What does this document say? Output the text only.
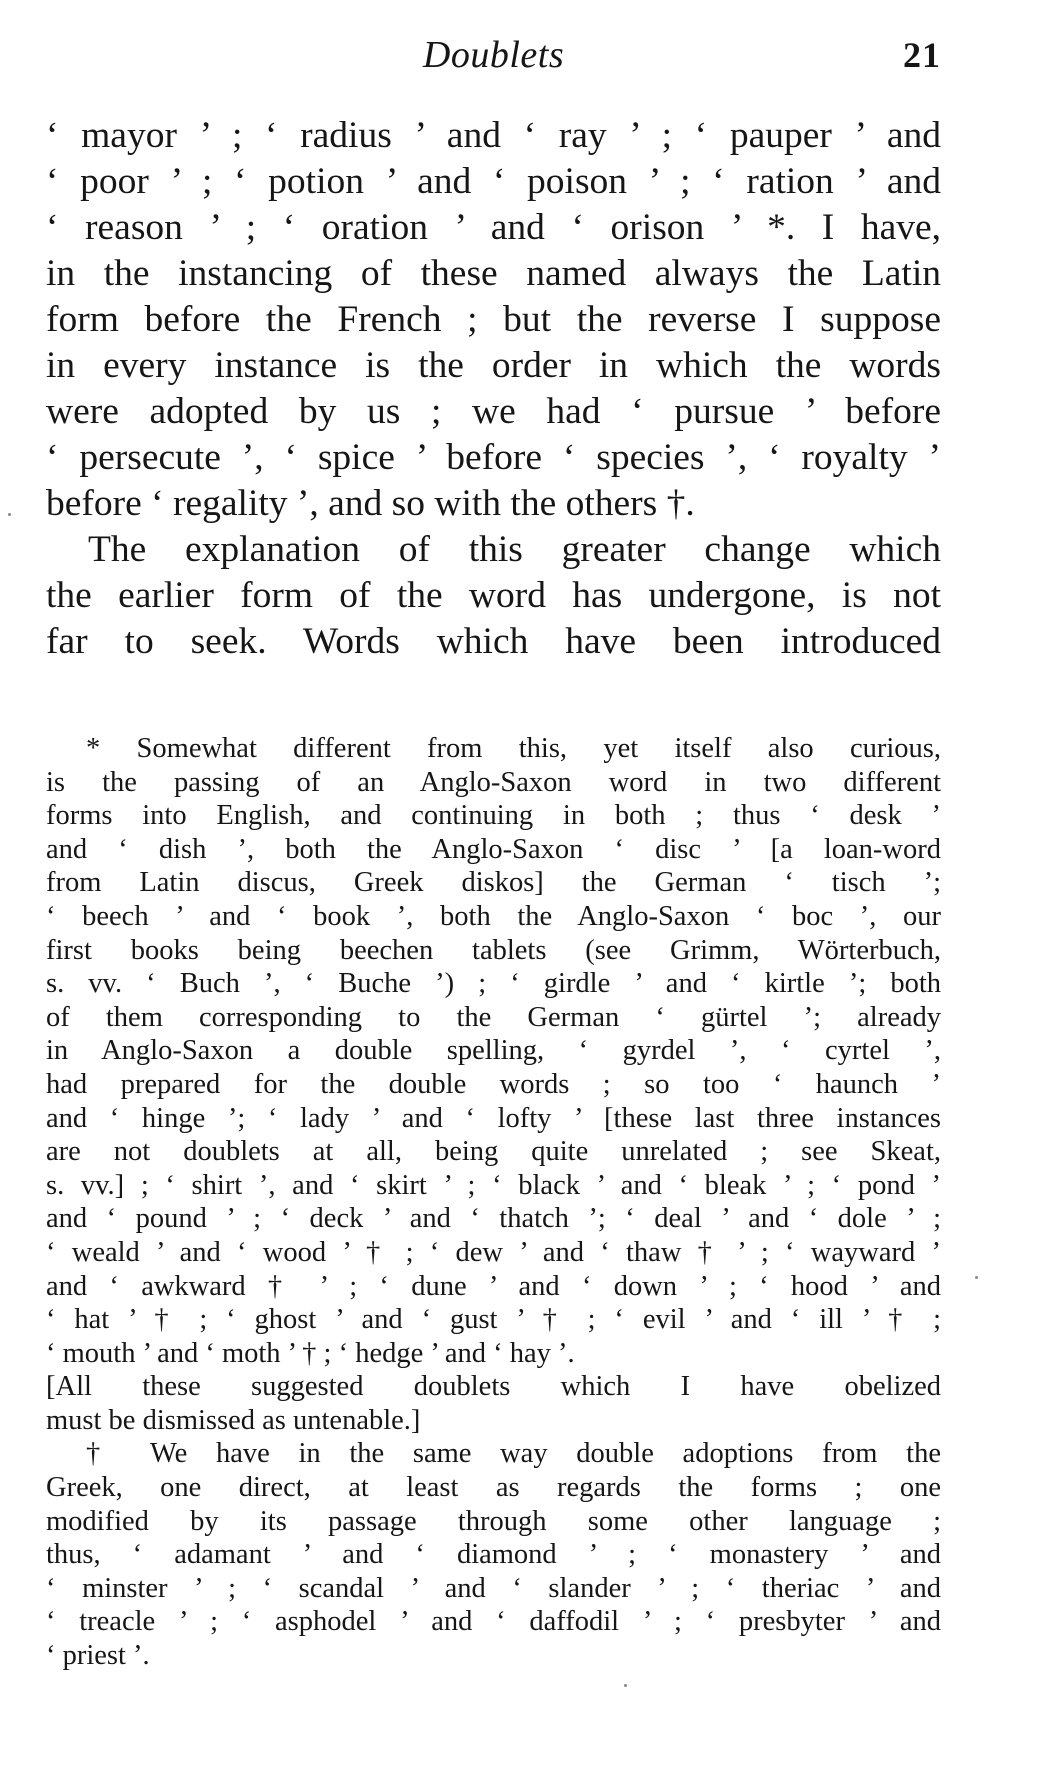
Doublets	21
‘ mayor ’ ; ‘ radius ’ and ‘ ray ’ ; ‘ pauper ’ and
‘ poor ’ ; ‘ potion ’ and ‘ poison ’ ; ‘ ration ’ and
‘ reason ’ ; ‘ oration ’ and ‘ orison ’ *. I have,
in the instancing of these named always the Latin
form before the French ; but the reverse I suppose
in every instance is the order in which the words
were adopted by us ; we had ‘ pursue ’ before
‘ persecute ’, ‘ spice ’ before ‘ species ’, ‘ royalty ’
before ‘ regality ’, and so with the others †.
The explanation of this greater change which
the earlier form of the word has undergone, is not
far to seek. Words which have been introduced
* Somewhat different from this, yet itself also curious,
is the passing of an Anglo-Saxon word in two different
forms into English, and continuing in both ; thus ‘ desk ’
and ‘ dish ’, both the Anglo-Saxon ‘ disc ’ [a loan-word
from Latin discus, Greek diskos] the German ‘ tisch ’;
‘ beech ’ and ‘ book ’, both the Anglo-Saxon ‘ boc ’, our
first books being beechen tablets (see Grimm, Wörterbuch,
s. vv. ‘ Buch ’, ‘ Buche ’) ; ‘ girdle ’ and ‘ kirtle ’; both
of them corresponding to the German ‘ gürtel ’; already
in Anglo-Saxon a double spelling, ‘ gyrdel ’, ‘ cyrtel ’,
had prepared for the double words ; so too ‘ haunch ’
and ‘ hinge ’; ‘ lady ’ and ‘ lofty ’ [these last three instances
are not doublets at all, being quite unrelated ; see Skeat,
s. vv.] ; ‘ shirt ’, and ‘ skirt ’ ; ‘ black ’ and ‘ bleak ’ ; ‘ pond ’
and ‘ pound ’ ; ‘ deck ’ and ‘ thatch ’; ‘ deal ’ and ‘ dole ’ ;
‘ weald ’ and ‘ wood ’ † ; ‘ dew ’ and ‘ thaw † ’ ; ‘ wayward ’
and ‘ awkward † ’ ; ‘ dune ’ and ‘ down ’ ; ‘ hood ’ and
‘ hat ’ † ; ‘ ghost ’ and ‘ gust ’ † ; ‘ evil ’ and ‘ ill ’ † ;
‘ mouth ’ and ‘ moth ’ † ; ‘ hedge ’ and ‘ hay ’.
[All these suggested doublets which I have obelized
must be dismissed as untenable.]
† We have in the same way double adoptions from the
Greek, one direct, at least as regards the forms ; one
modified by its passage through some other language ;
thus, ‘ adamant ’ and ‘ diamond ’ ; ‘ monastery ’ and
‘ minster ’ ; ‘ scandal ’ and ‘ slander ’ ; ‘ theriac ’ and
‘ treacle ’ ; ‘ asphodel ’ and ‘ daffodil ’ ; ‘ presbyter ’ and
‘ priest ’.
